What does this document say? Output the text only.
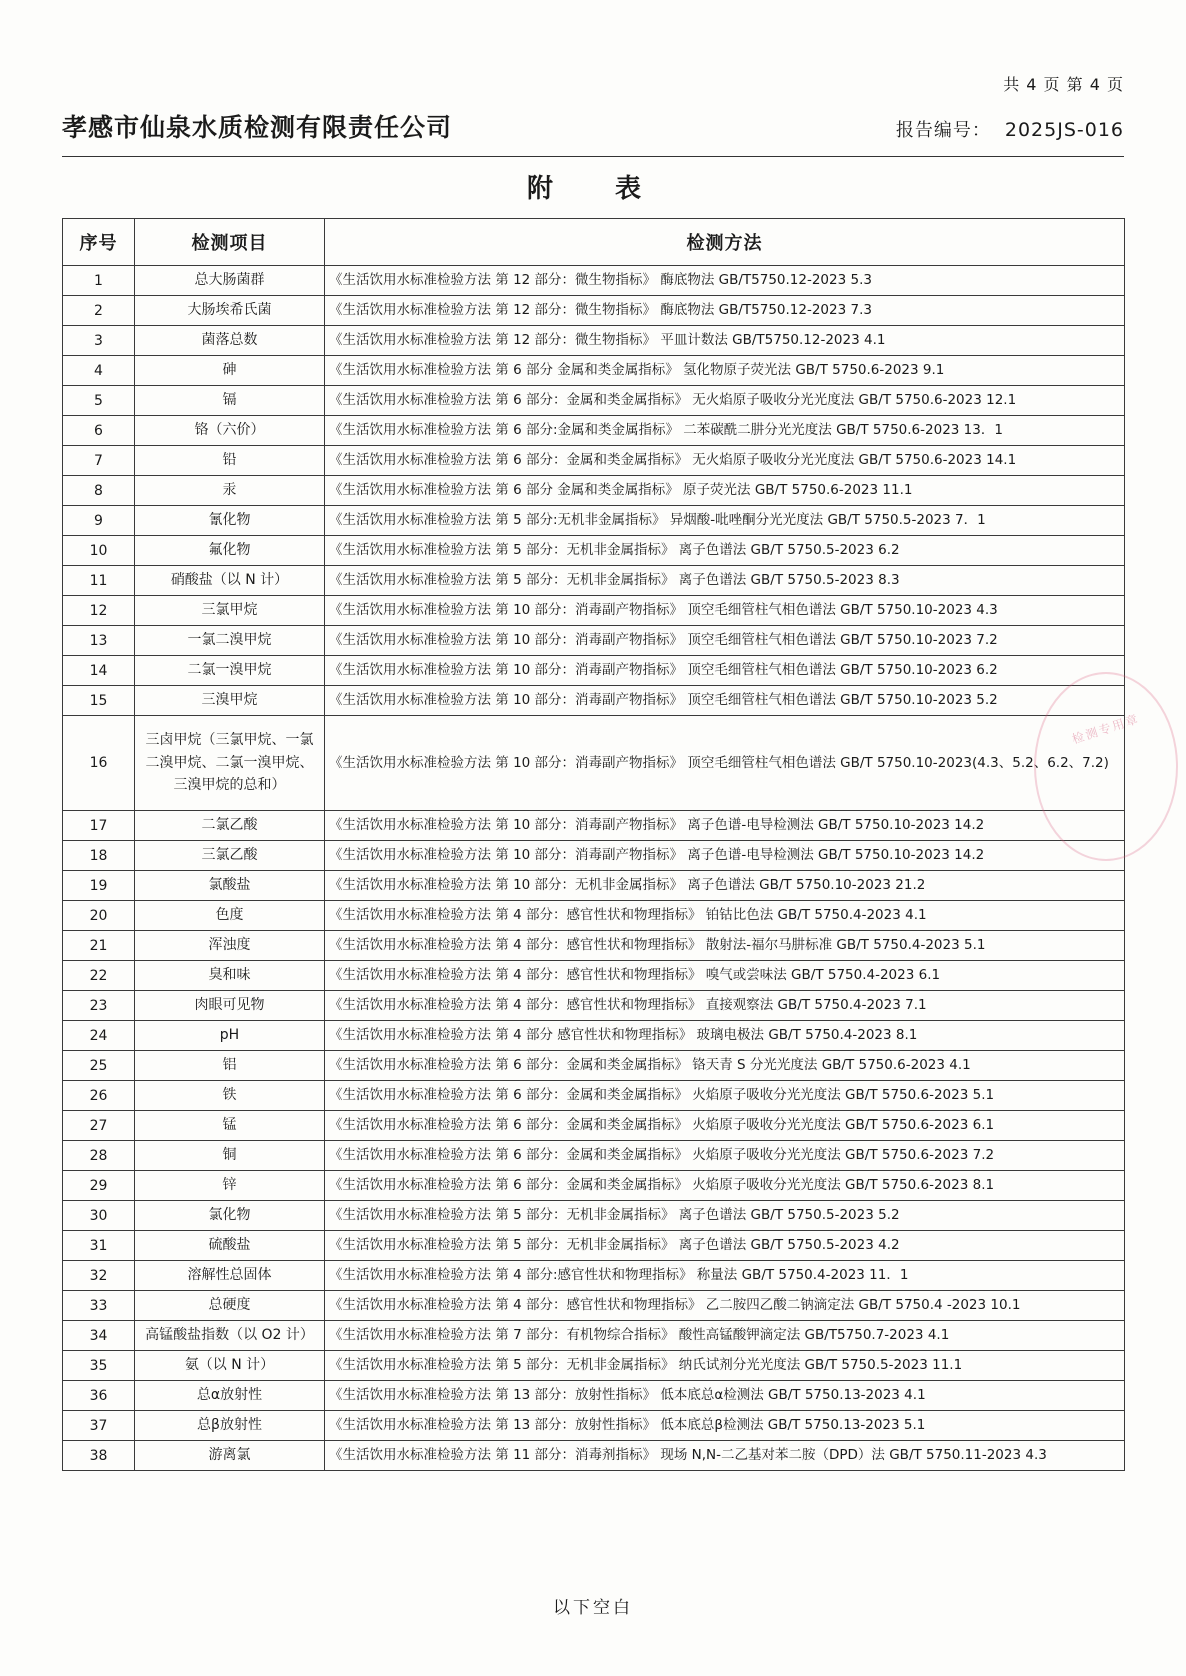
共 4 页 第 4 页
孝感市仙泉水质检测有限责任公司	报告编号： 2025JS-016
附　表
序号	检测项目	检测方法
1	总大肠菌群	《生活饮用水标准检验方法 第 12 部分：微生物指标》 酶底物法 GB/T5750.12-2023 5.3
2	大肠埃希氏菌	《生活饮用水标准检验方法 第 12 部分：微生物指标》 酶底物法 GB/T5750.12-2023 7.3
3	菌落总数	《生活饮用水标准检验方法 第 12 部分：微生物指标》 平皿计数法 GB/T5750.12-2023 4.1
4	砷	《生活饮用水标准检验方法 第 6 部分 金属和类金属指标》 氢化物原子荧光法 GB/T 5750.6-2023 9.1
5	镉	《生活饮用水标准检验方法 第 6 部分：金属和类金属指标》 无火焰原子吸收分光光度法 GB/T 5750.6-2023 12.1
6	铬（六价）	《生活饮用水标准检验方法 第 6 部分:金属和类金属指标》 二苯碳酰二肼分光光度法 GB/T 5750.6-2023 13．1
7	铅	《生活饮用水标准检验方法 第 6 部分：金属和类金属指标》 无火焰原子吸收分光光度法 GB/T 5750.6-2023 14.1
8	汞	《生活饮用水标准检验方法 第 6 部分 金属和类金属指标》 原子荧光法 GB/T 5750.6-2023 11.1
9	氰化物	《生活饮用水标准检验方法 第 5 部分:无机非金属指标》 异烟酸-吡唑酮分光光度法 GB/T 5750.5-2023 7．1
10	氟化物	《生活饮用水标准检验方法 第 5 部分：无机非金属指标》 离子色谱法 GB/T 5750.5-2023 6.2
11	硝酸盐（以 N 计）	《生活饮用水标准检验方法 第 5 部分：无机非金属指标》 离子色谱法 GB/T 5750.5-2023 8.3
12	三氯甲烷	《生活饮用水标准检验方法 第 10 部分：消毒副产物指标》 顶空毛细管柱气相色谱法 GB/T 5750.10-2023 4.3
13	一氯二溴甲烷	《生活饮用水标准检验方法 第 10 部分：消毒副产物指标》 顶空毛细管柱气相色谱法 GB/T 5750.10-2023 7.2
14	二氯一溴甲烷	《生活饮用水标准检验方法 第 10 部分：消毒副产物指标》 顶空毛细管柱气相色谱法 GB/T 5750.10-2023 6.2
15	三溴甲烷	《生活饮用水标准检验方法 第 10 部分：消毒副产物指标》 顶空毛细管柱气相色谱法 GB/T 5750.10-2023 5.2
16	三卤甲烷（三氯甲烷、一氯二溴甲烷、二氯一溴甲烷、三溴甲烷的总和）	《生活饮用水标准检验方法 第 10 部分：消毒副产物指标》 顶空毛细管柱气相色谱法 GB/T 5750.10-2023(4.3、5.2、6.2、7.2)
17	二氯乙酸	《生活饮用水标准检验方法 第 10 部分：消毒副产物指标》 离子色谱-电导检测法 GB/T 5750.10-2023 14.2
18	三氯乙酸	《生活饮用水标准检验方法 第 10 部分：消毒副产物指标》 离子色谱-电导检测法 GB/T 5750.10-2023 14.2
19	氯酸盐	《生活饮用水标准检验方法 第 10 部分：无机非金属指标》 离子色谱法 GB/T 5750.10-2023 21.2
20	色度	《生活饮用水标准检验方法 第 4 部分：感官性状和物理指标》 铂钴比色法 GB/T 5750.4-2023 4.1
21	浑浊度	《生活饮用水标准检验方法 第 4 部分：感官性状和物理指标》 散射法-福尔马肼标准 GB/T 5750.4-2023 5.1
22	臭和味	《生活饮用水标准检验方法 第 4 部分：感官性状和物理指标》 嗅气或尝味法 GB/T 5750.4-2023 6.1
23	肉眼可见物	《生活饮用水标准检验方法 第 4 部分：感官性状和物理指标》 直接观察法 GB/T 5750.4-2023 7.1
24	pH	《生活饮用水标准检验方法 第 4 部分 感官性状和物理指标》 玻璃电极法 GB/T 5750.4-2023 8.1
25	铝	《生活饮用水标准检验方法 第 6 部分：金属和类金属指标》 铬天青 S 分光光度法 GB/T 5750.6-2023 4.1
26	铁	《生活饮用水标准检验方法 第 6 部分：金属和类金属指标》 火焰原子吸收分光光度法 GB/T 5750.6-2023 5.1
27	锰	《生活饮用水标准检验方法 第 6 部分：金属和类金属指标》 火焰原子吸收分光光度法 GB/T 5750.6-2023 6.1
28	铜	《生活饮用水标准检验方法 第 6 部分：金属和类金属指标》 火焰原子吸收分光光度法 GB/T 5750.6-2023 7.2
29	锌	《生活饮用水标准检验方法 第 6 部分：金属和类金属指标》 火焰原子吸收分光光度法 GB/T 5750.6-2023 8.1
30	氯化物	《生活饮用水标准检验方法 第 5 部分：无机非金属指标》 离子色谱法 GB/T 5750.5-2023 5.2
31	硫酸盐	《生活饮用水标准检验方法 第 5 部分：无机非金属指标》 离子色谱法 GB/T 5750.5-2023 4.2
32	溶解性总固体	《生活饮用水标准检验方法 第 4 部分:感官性状和物理指标》 称量法 GB/T 5750.4-2023 11．1
33	总硬度	《生活饮用水标准检验方法 第 4 部分：感官性状和物理指标》 乙二胺四乙酸二钠滴定法 GB/T 5750.4 -2023 10.1
34	高锰酸盐指数（以 O2 计）	《生活饮用水标准检验方法 第 7 部分：有机物综合指标》 酸性高锰酸钾滴定法 GB/T5750.7-2023 4.1
35	氨（以 N 计）	《生活饮用水标准检验方法 第 5 部分：无机非金属指标》 纳氏试剂分光光度法 GB/T 5750.5-2023 11.1
36	总α放射性	《生活饮用水标准检验方法 第 13 部分：放射性指标》 低本底总α检测法 GB/T 5750.13-2023 4.1
37	总β放射性	《生活饮用水标准检验方法 第 13 部分：放射性指标》 低本底总β检测法 GB/T 5750.13-2023 5.1
38	游离氯	《生活饮用水标准检验方法 第 11 部分：消毒剂指标》 现场 N,N-二乙基对苯二胺（DPD）法 GB/T 5750.11-2023 4.3
检测专用章
以下空白
